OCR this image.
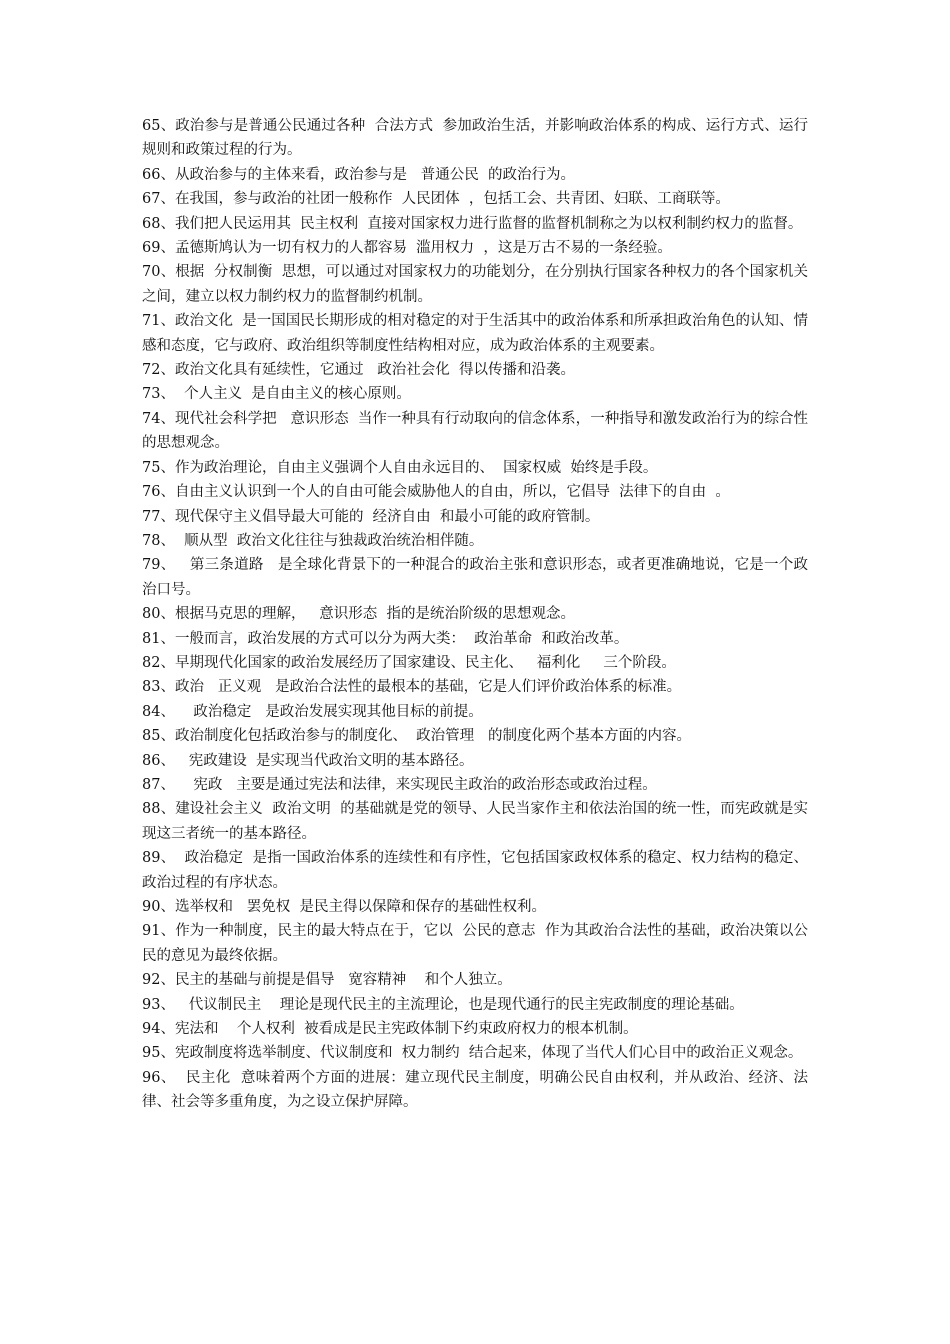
65、政治参与是普通公民通过各种  合法方式  参加政治生活，并影响政治体系的构成、运行方式、运行规则和政策过程的行为。

66、从政治参与的主体来看，政治参与是   普通公民  的政治行为。

67、在我国，参与政治的社团一般称作  人民团体  ，包括工会、共青团、妇联、工商联等。

68、我们把人民运用其  民主权利  直接对国家权力进行监督的监督机制称之为以权利制约权力的监督。

69、孟德斯鸠认为一切有权力的人都容易  滥用权力  ，这是万古不易的一条经验。

70、根据  分权制衡  思想，可以通过对国家权力的功能划分，在分别执行国家各种权力的各个国家机关之间，建立以权力制约权力的监督制约机制。

71、政治文化  是一国国民长期形成的相对稳定的对于生活其中的政治体系和所承担政治角色的认知、情感和态度，它与政府、政治组织等制度性结构相对应，成为政治体系的主观要素。

72、政治文化具有延续性，它通过   政治社会化  得以传播和沿袭。

73、  个人主义  是自由主义的核心原则。

74、现代社会科学把   意识形态  当作一种具有行动取向的信念体系，一种指导和激发政治行为的综合性的思想观念。

75、作为政治理论，自由主义强调个人自由永远目的、  国家权威  始终是手段。

76、自由主义认识到一个人的自由可能会威胁他人的自由，所以，它倡导  法律下的自由  。

77、现代保守主义倡导最大可能的  经济自由  和最小可能的政府管制。

78、  顺从型  政治文化往往与独裁政治统治相伴随。

79、   第三条道路   是全球化背景下的一种混合的政治主张和意识形态，或者更准确地说，它是一个政治口号。

80、根据马克思的理解，   意识形态  指的是统治阶级的思想观念。

81、一般而言，政治发展的方式可以分为两大类：  政治革命  和政治改革。

82、早期现代化国家的政治发展经历了国家建设、民主化、   福利化     三个阶段。

83、政治   正义观   是政治合法性的最根本的基础，它是人们评价政治体系的标准。

84、    政治稳定   是政治发展实现其他目标的前提。

85、政治制度化包括政治参与的制度化、  政治管理   的制度化两个基本方面的内容。

86、   宪政建设  是实现当代政治文明的基本路径。

87、    宪政   主要是通过宪法和法律，来实现民主政治的政治形态或政治过程。

88、建设社会主义  政治文明  的基础就是党的领导、人民当家作主和依法治国的统一性，而宪政就是实现这三者统一的基本路径。

89、  政治稳定  是指一国政治体系的连续性和有序性，它包括国家政权体系的稳定、权力结构的稳定、政治过程的有序状态。

90、选举权和   罢免权  是民主得以保障和保存的基础性权利。

91、作为一种制度，民主的最大特点在于，它以  公民的意志  作为其政治合法性的基础，政治决策以公民的意见为最终依据。

92、民主的基础与前提是倡导   宽容精神    和个人独立。

93、   代议制民主    理论是现代民主的主流理论，也是现代通行的民主宪政制度的理论基础。

94、宪法和    个人权利  被看成是民主宪政体制下约束政府权力的根本机制。

95、宪政制度将选举制度、代议制度和  权力制约  结合起来，体现了当代人们心目中的政治正义观念。

96、  民主化  意味着两个方面的进展：建立现代民主制度，明确公民自由权利，并从政治、经济、法律、社会等多重角度，为之设立保护屏障。
